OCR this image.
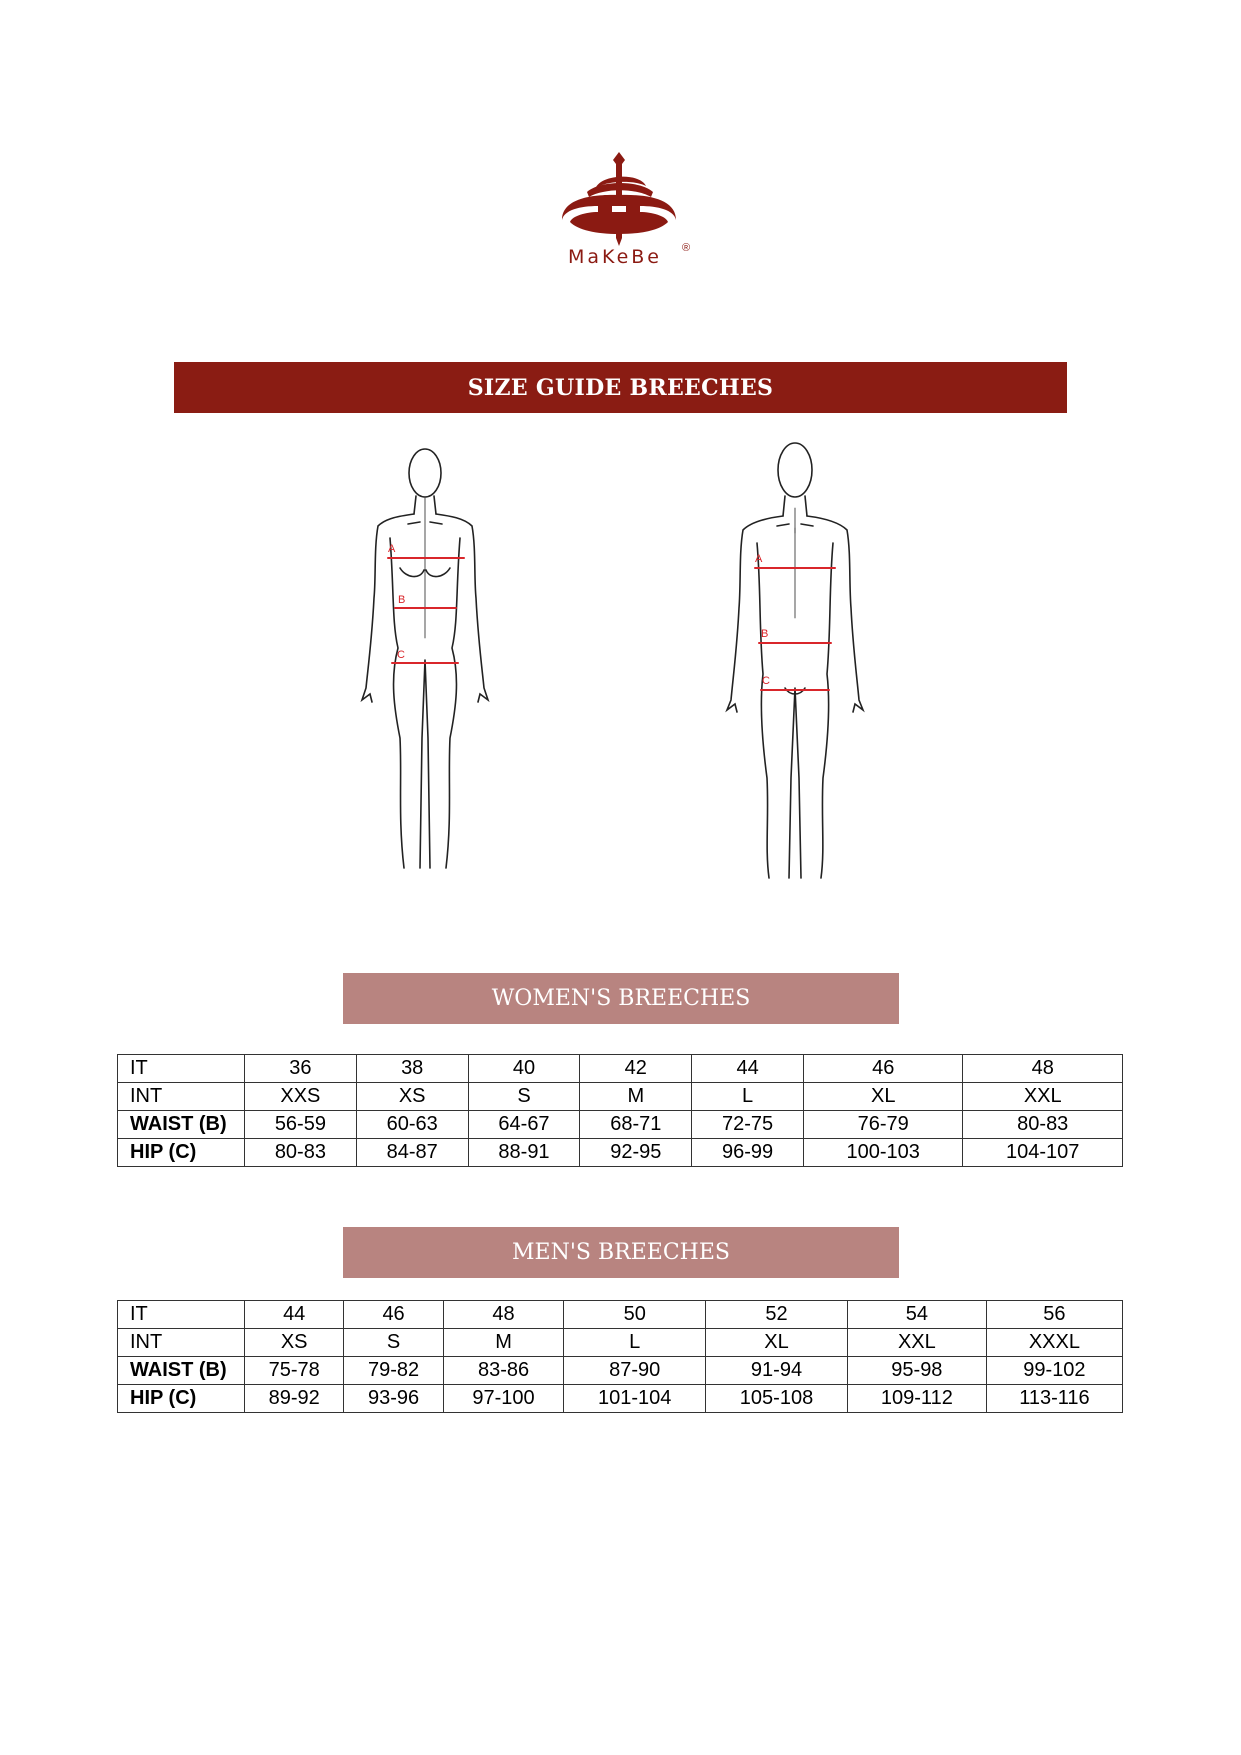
MaKeBe	®
SIZE GUIDE BREECHES
A
B
C
A
B
C
WOMEN'S BREECHES
IT	36	38	40	42	44	46	48
INT	XXS	XS	S	M	L	XL	XXL
WAIST (B)	56-59	60-63	64-67	68-71	72-75	76-79	80-83
HIP (C)	80-83	84-87	88-91	92-95	96-99	100-103	104-107
MEN'S BREECHES
IT	44	46	48	50	52	54	56
INT	XS	S	M	L	XL	XXL	XXXL
WAIST (B)	75-78	79-82	83-86	87-90	91-94	95-98	99-102
HIP (C)	89-92	93-96	97-100	101-104	105-108	109-112	113-116
